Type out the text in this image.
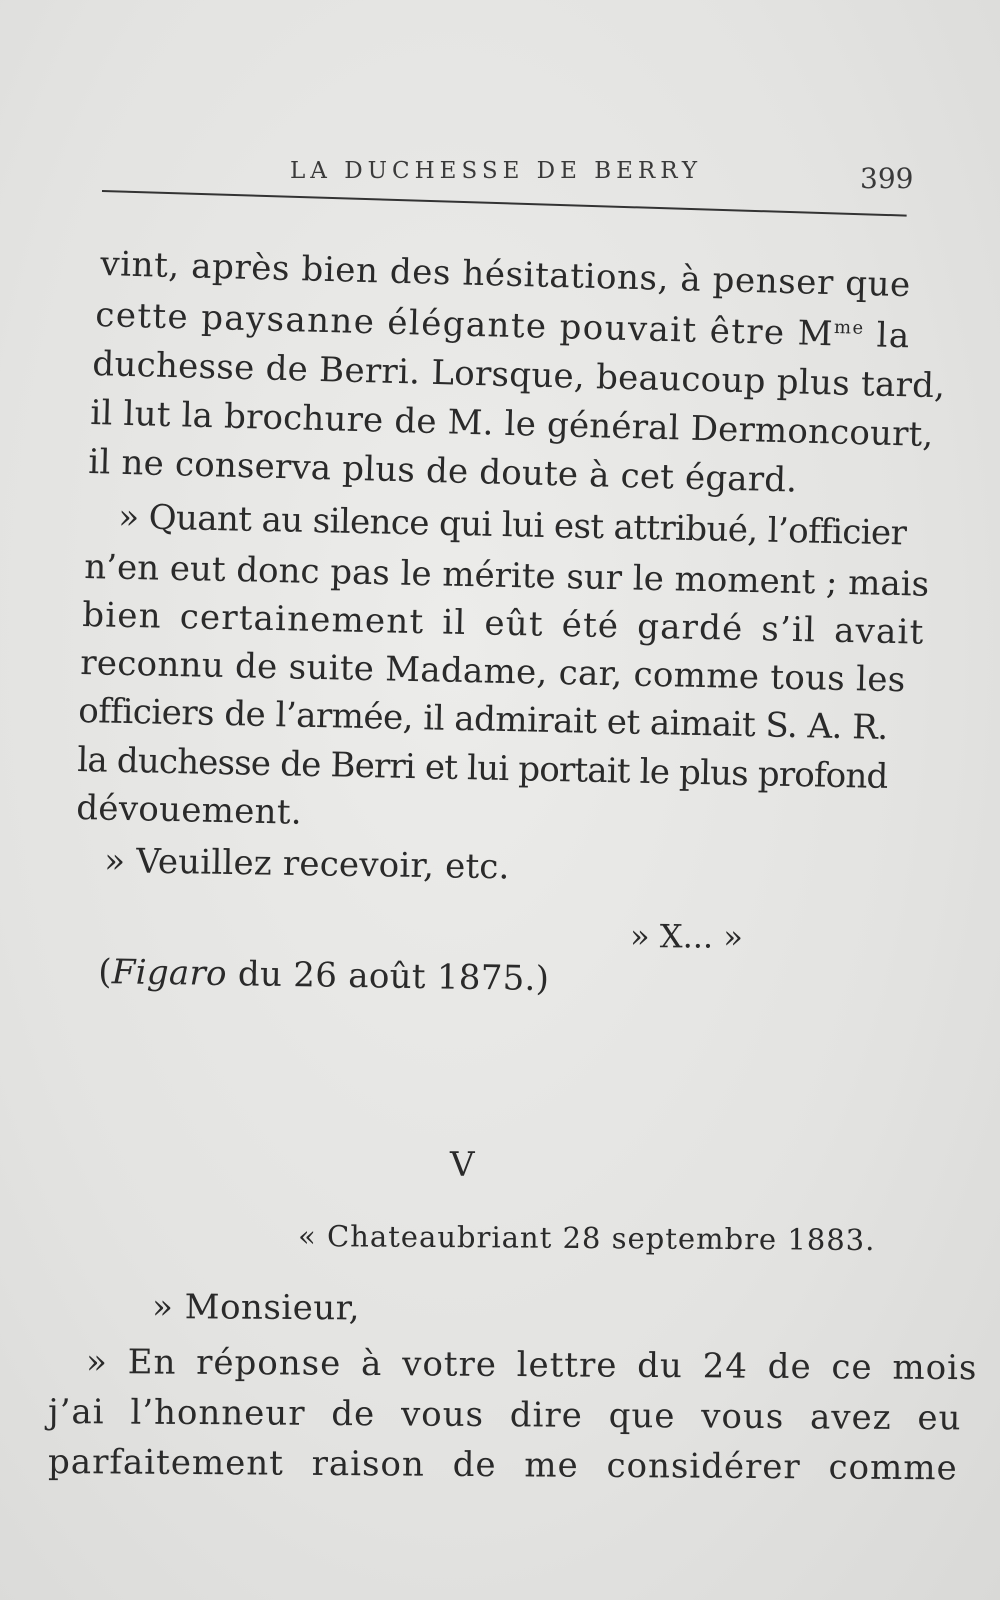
LA DUCHESSE DE BERRY	399
vint, après bien des hésitations, à penser que
cette paysanne élégante pouvait être $M^{me}$ la
duchesse de Berri. Lorsque, beaucoup plus tard,
il lut la brochure de M. le général Dermoncourt,
il ne conserva plus de doute à cet égard.
» Quant au silence qui lui est attribué, l’officier
n’en eut donc pas le mérite sur le moment ; mais
bien certainement il eût été gardé s’il avait
reconnu de suite Madame, car, comme tous les
officiers de l’armée, il admirait et aimait S. A. R.
la duchesse de Berri et lui portait le plus profond
dévouement.
» Veuillez recevoir, etc.
» X... »
(Figaro du 26 août 1875.)
V
« Chateaubriant 28 septembre 1883.
» Monsieur,
» En réponse à votre lettre du 24 de ce mois
j’ai l’honneur de vous dire que vous avez eu
parfaitement raison de me considérer comme
